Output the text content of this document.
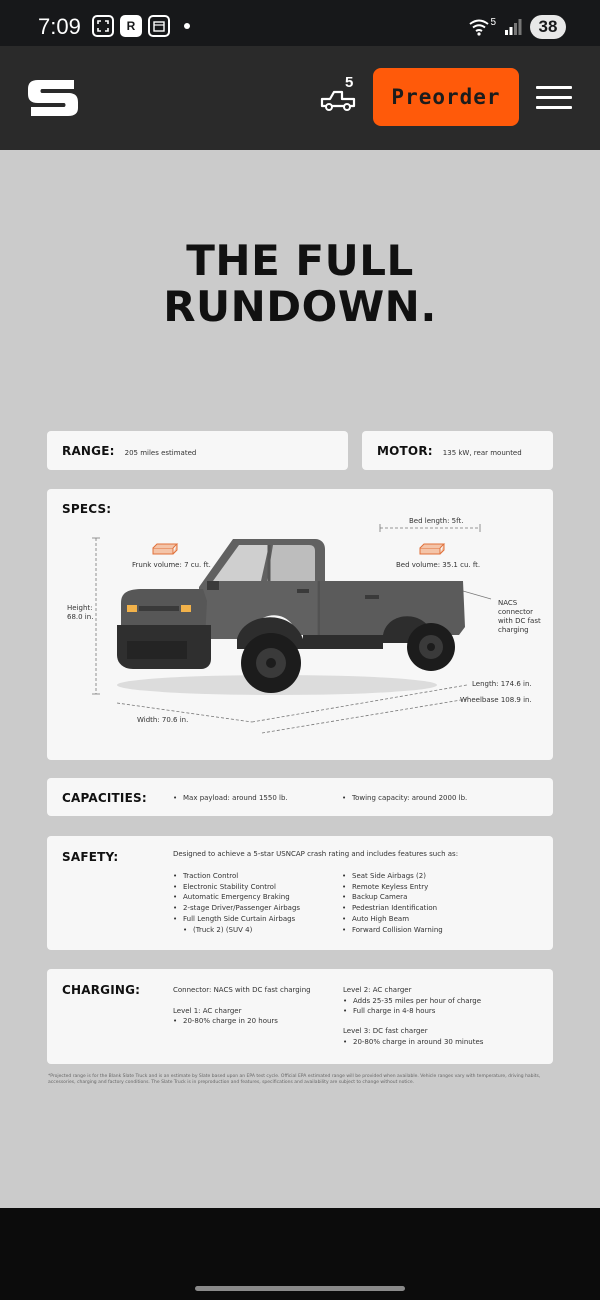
7:09	R	5	38
5
Preorder
THE FULL
RUNDOWN.
RANGE: 205 miles estimated	MOTOR: 135 kW, rear mounted
SPECS:
Bed length: 5ft.
Frunk volume: 7 cu. ft.	Bed volume: 35.1 cu. ft.
Height:
68.0 in.
NACS
connector
with DC fast
charging
Length: 174.6 in.
Wheelbase 108.9 in.
Width: 70.6 in.
CAPACITIES:	• Max payload: around 1550 lb.	• Towing capacity: around 2000 lb.
SAFETY:	Designed to achieve a 5-star USNCAP crash rating and includes features such as:
• Traction Control
• Electronic Stability Control
• Automatic Emergency Braking
• 2-stage Driver/Passenger Airbags
• Full Length Side Curtain Airbags
• (Truck 2) (SUV 4)
• Seat Side Airbags (2)
• Remote Keyless Entry
• Backup Camera
• Pedestrian Identification
• Auto High Beam
• Forward Collision Warning
CHARGING:	Connector: NACS with DC fast charging
Level 1: AC charger
• 20-80% charge in 20 hours
Level 2: AC charger
• Adds 25-35 miles per hour of charge
• Full charge in 4-8 hours
Level 3: DC fast charger
• 20-80% charge in around 30 minutes
*Projected range is for the Blank Slate Truck and is an estimate by Slate based upon an EPA test cycle. Official EPA estimated range will be provided when available. Vehicle ranges vary with temperature, driving habits, accessories, charging and factory conditions. The Slate Truck is in preproduction and features, specifications and availability are subject to change without notice.
